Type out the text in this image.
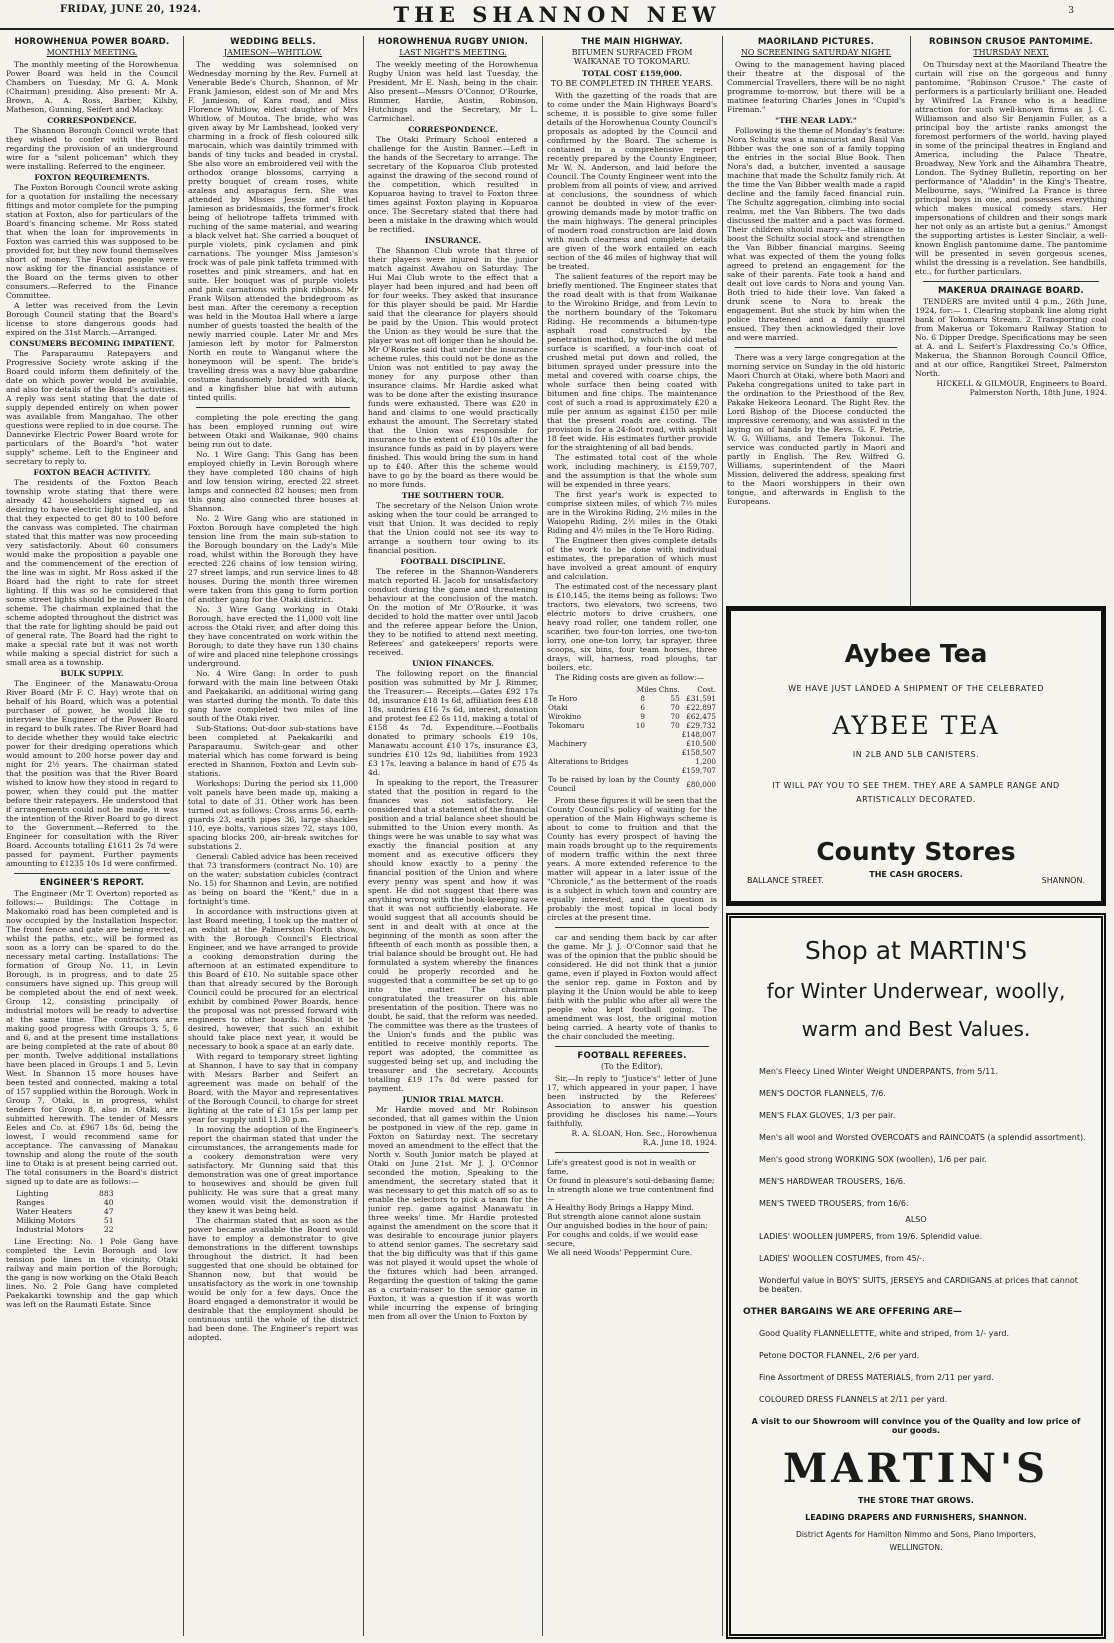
FRIDAY, JUNE 20, 1924.	THE SHANNON NEW	3
HOROWHENUA POWER BOARD.
MONTHLY MEETING.

The monthly meeting of the Horowhenua Power Board was held in the Council Chambers on Tuesday, Mr G. A. Monk (Chairman) presiding. Also present: Mr A. Brown, A. A. Ross, Barber, Kilsby, Matheson, Gunning, Seifert and Mackay.

CORRESPONDENCE.

The Shannon Borough Council wrote that they wished to confer with the Board regarding the provision of an underground wire for a "silent policeman" which they were installing. Referred to the engineer.

FOXTON REQUIREMENTS.

The Foxton Borough Council wrote asking for a quotation for installing the necessary fittings and motor complete for the pumping station at Foxton, also for particulars of the Board's financing scheme. Mr Ross stated that when the loan for improvements in Foxton was carried this was supposed to be provided for, but they now found themselves short of money. The Foxton people were now asking for the financial assistance of the Board on the terms given to other consumers.—Referred to the Finance Committee.

A letter was received from the Levin Borough Council stating that the Board's license to store dangerous goods had expired on the 31st March.—Arranged.

CONSUMERS BECOMING IMPATIENT.

The Paraparaumu Ratepayers and Progressive Society wrote asking if the Board could inform them definitely of the date on which power would be available, and also for details of the Board's activities. A reply was sent stating that the date of supply depended entirely on when power was available from Mangahao. The other questions were replied to in due course. The Dannevirke Electric Power Board wrote for particulars of the Board's "hot water supply" scheme. Left to the Engineer and secretary to reply to.

FOXTON BEACH ACTIVITY.

The residents of the Foxton Beach township wrote stating that there were already 42 householders signed up as desiring to have electric light installed, and that they expected to get 80 to 100 before the canvass was completed. The chairman stated that this matter was now proceeding very satisfactorily. About 60 consumers would make the proposition a payable one and the commencement of the erection of the line was in sight. Mr Ross asked if the Board had the right to rate for street lighting. If this was so he considered that some street lights should be included in the scheme. The chairman explained that the scheme adopted throughout the district was that the rate for lighting should be paid out of general rate. The Board had the right to make a special rate but it was not worth while making a special district for such a small area as a township.

BULK SUPPLY.

The Engineer of the Manawatu-Oroua River Board (Mr F. C. Hay) wrote that on behalf of his Board, which was a potential purchaser of power, he would like to interview the Engineer of the Power Board in regard to bulk rates. The River Board had to decide whether they would take electric power for their dredging operations which would amount to 200 horse power day and night for 2½ years. The chairman stated that the position was that the River Board wished to know how they stood in regard to power, when they could put the matter before their ratepayers. He understood that if arrangements could not be made, it was the intention of the River Board to go direct to the Government.—Referred to the Engineer for consultation with the River Board. Accounts totalling £1611 2s 7d were passed for payment. Further payments amounting to £1235 10s 1d were confirmed.

ENGINEER'S REPORT.

The Engineer (Mr T. Overton) reported as follows:— Buildings: The Cottage in Makomako road has been completed and is now occupied by the Installation Inspector. The front fence and gate are being erected, whilst the paths, etc., will be formed as soon as a lorry can be spared to do the necessary metal carting. Installations: The formation of Group No. 11, in Levin Borough, is in progress, and to date 25 consumers have signed up. This group will be completed about the end of next week. Group 12, consisting principally of industrial motors will be ready to advertise at the same time. The contractors are making good progress with Groups 3, 5, 6 and 6, and at the present time installations are being completed at the rate of about 80 per month. Twelve additional installations have been placed in Groups 1 and 5, Levin West. In Shannon 15 more houses have been tested and connected, making a total of 157 supplied within the Borough. Work in Group 7, Otaki, is in progress, whilst tenders for Group 8, also in Otaki, are submitted herewith. The tender of Messrs Eeles and Co. at £967 18s 6d, being the lowest, I would recommend same for acceptance. The canvassing of Manakau township and along the route of the south line to Otaki is at present being carried out. The total consumers in the Board's district signed up to date are as follows:—

Lighting	883
Ranges	40
Water Heaters	47
Milking Motors	51
Industrial Motors	22

Line Erecting: No. 1 Pole Gang have completed the Levin Borough and low tension pole lines in the vicinity, Otaki railway and main portion of the Borough; the gang is now working on the Otaki Beach lines. No. 2 Pole Gang have completed Paekakariki township and the gap which was left on the Raumati Estate. Since

WEDDING BELLS.
JAMIESON—WHITLOW.

The wedding was solemnised on Wednesday morning by the Rev. Furnell at Venerable Bede's Church, Shannon, of Mr Frank Jamieson, eldest son of Mr and Mrs F. Jamieson, of Kara road, and Miss Florence Whitlow, eldest daughter of Mrs Whitlow, of Moutoa. The bride, who was given away by Mr Lambshead, looked very charming in a frock of flesh coloured silk marocain, which was daintily trimmed with bands of tiny tucks and beaded in crystal. She also wore an embroidered veil with the orthodox orange blossoms, carrying a pretty bouquet of cream roses, white azaleas and asparagus fern. She was attended by Misses Jessie and Ethel Jamieson as bridesmaids, the former's frock being of heliotrope taffeta trimmed with ruching of the same material, and wearing a black velvet hat. She carried a bouquet of purple violets, pink cyclamen and pink carnations. The younger Miss Jamieson's frock was of pale pink taffeta trimmed with rosettes and pink streamers, and hat en suite. Her bouquet was of purple violets and pink carnations with pink ribbons. Mr Frank Wilson attended the bridegroom as best man. After the ceremony a reception was held in the Moutoa Hall where a large number of guests toasted the health of the newly married couple. Later Mr and Mrs Jamieson left by motor for Palmerston North en route to Wanganui where the honeymoon will be spent. The bride's travelling dress was a navy blue gabardine costume handsomely braided with black, and a kingfisher blue hat with autumn tinted quills.

completing the pole erecting the gang has been employed running out wire between Otaki and Waikanae, 900 chains being run out to date.

No. 1 Wire Gang: This Gang has been employed chiefly in Levin Borough where they have completed 180 chains of high and low tension wiring, erected 22 street lamps and connected 82 houses; men from this gang also connected three houses at Shannon.

No. 2 Wire Gang who are stationed in Foxton Borough have completed the high tension line from the main sub-station to the Borough boundary on the Lady's Mile road, whilst within the Borough they have erected 226 chains of low tension wiring, 27 street lamps, and run service lines to 48 houses. During the month three wiremen were taken from this gang to form portion of another gang for the Otaki district.

No. 3 Wire Gang working in Otaki Borough, have erected the 11,000 volt line across the Otaki river, and after doing this they have concentrated on work within the Borough; to date they have run 130 chains of wire and placed nine telephone crossings underground.

No. 4 Wire Gang: In order to push forward with the main line between Otaki and Paekakariki, an additional wiring gang was started during the month. To date this gang have completed two miles of line south of the Otaki river.

Sub-Stations: Out-door sub-stations have been completed at Paekakariki and Paraparaumu. Switch-gear and other material which has come forward is being erected in Shannon, Foxton and Levin sub-stations.

Workshops: During the period six 11,000 volt panels have been made up, making a total to date of 31. Other work has been turned out as follows: Cross arms 56, earth-guards 23, earth pipes 36, large shackles 110, eye bolts, various sizes 72, stays 100, spacing blocks 200, air-break switches for substations 2.

General: Cabled advice has been received that 73 transformers (contract No. 10) are on the water; substation cubicles (contract No. 15) for Shannon and Levin, are notified as being on board the "Kent," due in a fortnight's time.

In accordance with instructions given at last Board meeting, I took up the matter of an exhibit at the Palmerston North show, with the Borough Council's Electrical Engineer, and we have arranged to provide a cooking demonstration during the afternoon at an estimated expenditure to this Board of £10. No suitable space other than that already secured by the Borough Council could be procured for an electrical exhibit by combined Power Boards, hence the proposal was not pressed forward with engineers to other boards. Should it be desired, however, that such an exhibit should take place next year, it would be necessary to book a space at an early date.

With regard to temporary street lighting at Shannon, I have to say that in company with Messrs Barber and Seifert an agreement was made on behalf of the Board, with the Mayor and representatives of the Borough Council, to charge for street lighting at the rate of £1 15s per lamp per year for supply until 11.30 p.m.

In moving the adoption of the Engineer's report the chairman stated that under the circumstances, the arrangements made for a cookery demonstration were very satisfactory. Mr Gunning said that this demonstration was one of great importance to housewives and should be given full publicity. He was sure that a great many women would visit the demonstration if they knew it was being held.

The chairman stated that as soon as the power became available the Board would have to employ a demonstrator to give demonstrations in the different townships throughout the district. It had been suggested that one should be obtained for Shannon now, but that would be unsatisfactory as the work in one township would be only for a few days. Once the Board engaged a demonstrator it would be desirable that the employment should be continuous until the whole of the district had been done. The Engineer's report was adopted.

HOROWHENUA RUGBY UNION.
LAST NIGHT'S MEETING.

The weekly meeting of the Horowhenua Rugby Union was held last Tuesday, the President, Mr E. Nash, being in the chair. Also present—Messrs O'Connor, O'Rourke, Rimmer, Hardie, Austin, Robinson, Hutchings and the Secretary, Mr L. Carmichael.

CORRESPONDENCE.

The Otaki Primary School entered a challenge for the Austin Banner.—Left in the hands of the Secretary to arrange. The secretary of the Kopuaroa Club protested against the drawing of the second round of the competition, which resulted in Kopuaroa having to travel to Foxton three times against Foxton playing in Kopuaroa once. The Secretary stated that there had been a mistake in the drawing which would be rectified.

INSURANCE.

The Shannon Club wrote that three of their players were injured in the junior match against Awahou on Saturday. The Hui Mai Club wrote to the effect that a player had been injured and had been off for four weeks. They asked that insurance for this player should be paid. Mr Hardie said that the clearance for players should be paid by the Union. This would protect the Union as they would be sure that the player was not off longer than he should be. Mr O'Rourke said that under the insurance scheme rules, this could not be done as the Union was not entitled to pay away the money for any purpose other than insurance claims. Mr Hardie asked what was to be done after the existing insurance funds were exhausted. There was £20 in hand and claims to one would practically exhaust the amount. The Secretary stated that the Union was responsible for insurance to the extent of £10 10s after the insurance funds as paid in by players were finished. This would bring the sum in hand up to £40. After this the scheme would have to go by the board as there would be no more funds.

THE SOUTHERN TOUR.

The secretary of the Nelson Union wrote asking when the tour could be arranged to visit that Union. It was decided to reply that the Union could not see its way to arrange a southern tour owing to its financial position.

FOOTBALL DISCIPLINE.

The referee in the Shannon-Wanderers match reported H. Jacob for unsatisfactory conduct during the game and threatening behaviour at the conclusion of the match. On the motion of Mr O'Rourke, it was decided to hold the matter over until Jacob and the referee appear before the Union, they to be notified to attend next meeting. Referees' and gatekeepers' reports were received.

UNION FINANCES.

The following report on the financial position was submitted by Mr J. Rimmer, the Treasurer:— Receipts.—Gates £92 17s 8d, insurance £18 1s 6d, affiliation fees £18 18s, sundries £16 7s 6d, interest, donation and protest fee £2 6s 11d, making a total of £158 4s 7d. Expenditure.—Footballs donated to primary schools £19 10s, Manawatu account £10 17s, insurance £3, sundries £10 12s 9d, liabilities from 1923 £3 17s, leaving a balance in hand of £75 4s 4d.

In speaking to the report, the Treasurer stated that the position in regard to the finances was not satisfactory. He considered that a statement of the financial position and a trial balance sheet should be submitted to the Union every month. As things were he was unable to say what was exactly the financial position at any moment and as executive officers they should know exactly to a penny the financial position of the Union and where every penny was spent and how it was spent. He did not suggest that there was anything wrong with the book-keeping save that it was not sufficiently elaborate. He would suggest that all accounts should be sent in and dealt with at once at the beginning of the month as soon after the fifteenth of each month as possible then, a trial balance should be brought out. He had formulated a system whereby the finances could be properly recorded and he suggested that a committee be set up to go into the matter. The chairman congratulated the treasurer on his able presentation of the position. There was no doubt, he said, that the reform was needed. The committee was there as the trustees of the Union's funds and the public was entitled to receive monthly reports. The report was adopted, the committee as suggested being set up, and including the treasurer and the secretary. Accounts totalling £19 17s 8d were passed for payment.

JUNIOR TRIAL MATCH.

Mr Hardie moved and Mr Robinson seconded, that all games within the Union be postponed in view of the rep. game in Foxton on Saturday next. The secretary moved an amendment to the effect that the North v. South Junior match be played at Otaki on June 21st. Mr J. J. O'Connor seconded the motion. Speaking to the amendment, the secretary stated that it was necessary to get this match off so as to enable the selectors to pick a team for the junior rep. game against Manawatu in three weeks' time. Mr Hardie protested against the amendment on the score that it was desirable to encourage junior players to attend senior games. The secretary said that the big difficulty was that if this game was not played it would upset the whole of the fixtures which had been arranged. Regarding the question of taking the game as a curtain-raiser to the senior game in Foxton, it was a question if it was worth while incurring the expense of bringing men from all over the Union to Foxton by

THE MAIN HIGHWAY.
BITUMEN SURFACED FROM WAIKANAE TO TOKOMARU.
TOTAL COST £159,000.
TO BE COMPLETED IN THREE YEARS.

With the gazetting of the roads that are to come under the Main Highways Board's scheme, it is possible to give some fuller details of the Horowhenua County Council's proposals as adopted by the Council and confirmed by the Board. The scheme is contained in a comprehensive report recently prepared by the County Engineer, Mr W. N. Anderson, and laid before the Council. The County Engineer went into the problem from all points of view, and arrived at conclusions, the soundness of which cannot be doubted in view of the ever-growing demands made by motor traffic on the main highways. The general principles of modern road construction are laid down with much clearness and complete details are given of the work entailed on each section of the 46 miles of highway that will be treated.

The salient features of the report may be briefly mentioned. The Engineer states that the road dealt with is that from Waikanae to the Wirokino Bridge, and from Levin to the northern boundary of the Tokomaru Riding. He recommends a bitumen-type asphalt road constructed by the penetration method, by which the old metal surface is scarified, a four-inch coat of crushed metal put down and rolled, the bitumen sprayed under pressure into the metal and covered with coarse chips, the whole surface then being coated with bitumen and fine chips. The maintenance cost of such a road is approximately £20 a mile per annum as against £150 per mile that the present roads are costing. The provision is for a 24-foot road, with asphalt 18 feet wide. His estimates further provide for the straightening of all bad bends.

The estimated total cost of the whole work, including machinery, is £159,707, and the assumption is that the whole sum will be expended in three years.

The first year's work is expected to comprise sixteen miles, of which 7½ miles are in the Wirokino Riding, 2½ miles in the Waiopehu Riding, 2½ miles in the Otaki Riding and 4½ miles in the Te Horo Riding.

The Engineer then gives complete details of the work to be done with individual estimates, the preparation of which must have involved a great amount of enquiry and calculation.

The estimated cost of the necessary plant is £10,145, the items being as follows: Two tractors, two elevators, two screens, two electric motors to drive crushers, one heavy road roller, one tandem roller, one scarifier, two four-ton lorries, one two-ton lorry, one one-ton lorry, tar sprayer, three scoops, six bins, four team horses, three drays, will, harness, road ploughs, tar boilers, etc.

The Riding costs are given as follow:—

	Miles Chns.		Cost.
Te Horo	8	55	£31,591
Otaki	6	70	£22,897
Wirokino	9	70	£62,475
Tokomaru	10	70	£29,732
			£148,007
Machinery			£10,500
			£158,507
Alterations to Bridges			1,200
			£159,707
To be raised by loan by the County Council			£80,000

From these figures it will be seen that the County Council's policy of waiting for the operation of the Main Highways scheme is about to come to fruition and that the County has every prospect of having the main roads brought up to the requirements of modern traffic within the next three years. A more extended reference to the matter will appear in a later issue of the "Chronicle," as the betterment of the roads is a subject in which town and country are equally interested, and the question is probably the most topical in local body circles at the present time.

car and sending them back by car after the game. Mr J. J. O'Connor said that he was of the opinion that the public should be considered. He did not think that a junior game, even if played in Foxton would affect the senior rep. game in Foxton and by playing it the Union would be able to keep faith with the public who after all were the people who kept football going. The amendment was lost, the original motion being carried. A hearty vote of thanks to the chair concluded the meeting.

FOOTBALL REFEREES.
(To the Editor).

Sir,—In reply to "Justice's" letter of June 17, which appeared in your paper, I have been instructed by the Referees' Association to answer his question providing he discloses his name.—Yours faithfully,

R. A. SLOAN, Hon. Sec., Horowhenua R.A. June 18, 1924.

Life's greatest good is not in wealth or fame,
Or found in pleasure's soul-debasing flame;
In strength alone we true contentment find—
A Healthy Body Brings a Happy Mind.
But strength alone cannot alone sustain
Our anguished bodies in the hour of pain;
For coughs and colds, if we would ease secure,
We all need Woods' Peppermint Cure.
MAORILAND PICTURES.
NO SCREENING SATURDAY NIGHT.

Owing to the management having placed their theatre at the disposal of the Commercial Travellers, there will be no night programme to-morrow, but there will be a matinee featuring Charles Jones in "Cupid's Fireman."

"THE NEAR LADY."

Following is the theme of Monday's feature: Nora Schultz was a manicurist and Basil Van Bibber was the one son of a family topping the entries in the social Blue Book. Then Nora's dad, a butcher, invented a sausage machine that made the Schultz family rich. At the time the Van Bibber wealth made a rapid decline and the family faced financial ruin. The Schultz aggregation, climbing into social realms, met the Van Bibbers. The two dads discussed the matter and a pact was formed. Their children should marry—the alliance to boost the Schultz social stock and strengthen the Van Bibber financial margins. Seeing what was expected of them the young folks agreed to pretend an engagement for the sake of their parents. Fate took a hand and dealt out love cards to Nora and young Van. Both tried to hide their love. Van faked a drunk scene to Nora to break the engagement. But she stuck by him when the police threatened and a family quarrel ensued. They then acknowledged their love and were married.

There was a very large congregation at the morning service on Sunday in the old historic Maori Church at Otaki, where both Maori and Pakeha congregations united to take part in the ordination to the Priesthood of the Rev. Pakake Hekeora Leonard. The Right Rev. the Lord Bishop of the Diocese conducted the impressive ceremony, and was assisted in the laying on of hands by the Revs. G. F. Petrie, W. G. Williams, and Temera Tokonui. The service was conducted partly in Maori and partly in English. The Rev. Wilfred G. Williams, superintendent of the Maori Mission, delivered the address, speaking first to the Maori worshippers in their own tongue, and afterwards in English to the Europeans.

ROBINSON CRUSOE PANTOMIME.
THURSDAY NEXT.

On Thursday next at the Maoriland Theatre the curtain will rise on the gorgeous and funny pantomime, "Robinson Crusoe." The caste of performers is a particularly brilliant one. Headed by Winifred La France who is a headline attraction for such well-known firms as J. C. Williamson and also Sir Benjamin Fuller, as a principal boy the artiste ranks amongst the foremost performers of the world, having played in some of the principal theatres in England and America, including the Palace Theatre, Broadway, New York and the Alhambra Theatre, London. The Sydney Bulletin, reporting on her performance of "Aladdin" in the King's Theatre, Melbourne, says, "Winifred La France is three principal boys in one, and possesses everything which makes musical comedy stars. Her impersonations of children and their songs mark her not only as an artiste but a genius." Amongst the supporting artistes is Lester Sinclair, a well-known English pantomime dame. The pantomime will be presented in seven gorgeous scenes, whilst the dressing is a revelation. See handbills, etc., for further particulars.

MAKERUA DRAINAGE BOARD.

TENDERS are invited until 4 p.m., 26th June, 1924, for:— 1. Clearing stopbank line along right bank of Tokomaru Stream. 2. Transporting coal from Makerua or Tokomaru Railway Station to No. 6 Dipper Dredge. Specifications may be seen at A. and L. Seifert's Flaxdressing Co.'s Office, Makerua, the Shannon Borough Council Office, and at our office, Rangitikei Street, Palmerston North.

HICKELL & GILMOUR, Engineers to Board. Palmerston North, 18th June, 1924.

Aybee Tea
WE HAVE JUST LANDED A SHIPMENT OF THE CELEBRATED
AYBEE TEA
IN 2LB AND 5LB CANISTERS.
IT WILL PAY YOU TO SEE THEM. THEY ARE A SAMPLE RANGE AND ARTISTICALLY DECORATED.
County Stores
THE CASH GROCERS.
BALLANCE STREET.	SHANNON.
Shop at MARTIN'S
for Winter Underwear, woolly,
warm and Best Values.
Men's Fleecy Lined Winter Weight UNDERPANTS, from 5/11.
MEN'S DOCTOR FLANNELS, 7/6.
MEN'S FLAX GLOVES, 1/3 per pair.
Men's all wool and Worsted OVERCOATS and RAINCOATS (a splendid assortment).
Men's good strong WORKING SOX (woollen), 1/6 per pair.
MEN'S HARDWEAR TROUSERS, 16/6.
MEN'S TWEED TROUSERS, from 16/6.
ALSO
LADIES' WOOLLEN JUMPERS, from 19/6. Splendid value.
LADIES' WOOLLEN COSTUMES, from 45/-.
Wonderful value in BOYS' SUITS, JERSEYS and CARDIGANS at prices that cannot be beaten.
OTHER BARGAINS WE ARE OFFERING ARE—
Good Quality FLANNELLETTE, white and striped, from 1/- yard.
Petone DOCTOR FLANNEL, 2/6 per yard.
Fine Assortment of DRESS MATERIALS, from 2/11 per yard.
COLOURED DRESS FLANNELS at 2/11 per yard.
A visit to our Showroom will convince you of the Quality and low price of our goods.
MARTIN'S
THE STORE THAT GROWS.
LEADING DRAPERS AND FURNISHERS, SHANNON.
District Agents for Hamilton Nimmo and Sons, Piano Importers,
WELLINGTON.
